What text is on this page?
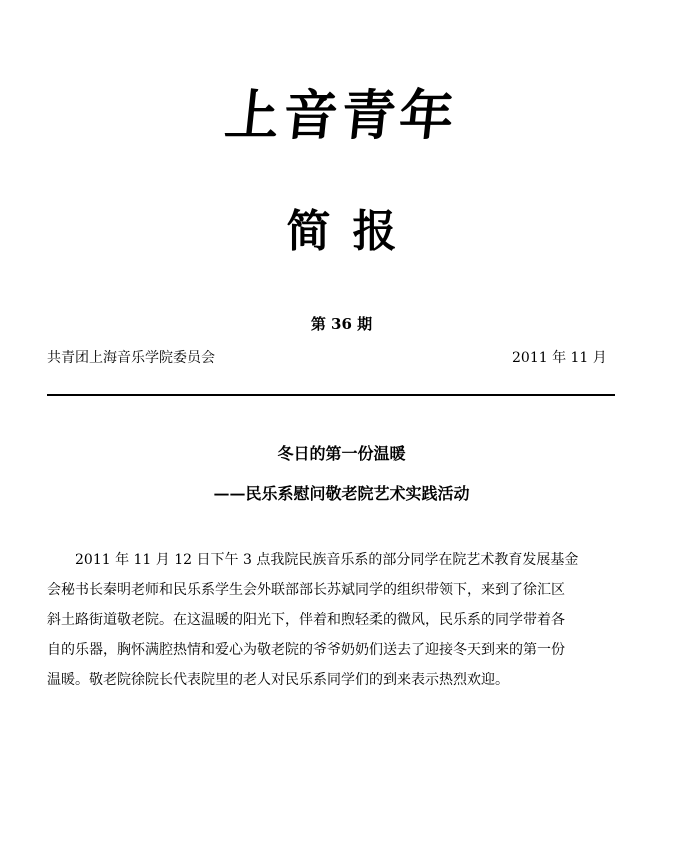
上音青年
简报
第 36 期
共青团上海音乐学院委员会	2011 年 11 月
冬日的第一份温暖
——民乐系慰问敬老院艺术实践活动
2011 年 11 月 12 日下午 3 点我院民族音乐系的部分同学在院艺术教育发展基金
会秘书长秦明老师和民乐系学生会外联部部长苏斌同学的组织带领下，来到了徐汇区
斜土路街道敬老院。在这温暖的阳光下，伴着和煦轻柔的微风，民乐系的同学带着各
自的乐器，胸怀满腔热情和爱心为敬老院的爷爷奶奶们送去了迎接冬天到来的第一份
温暖。敬老院徐院长代表院里的老人对民乐系同学们的到来表示热烈欢迎。
